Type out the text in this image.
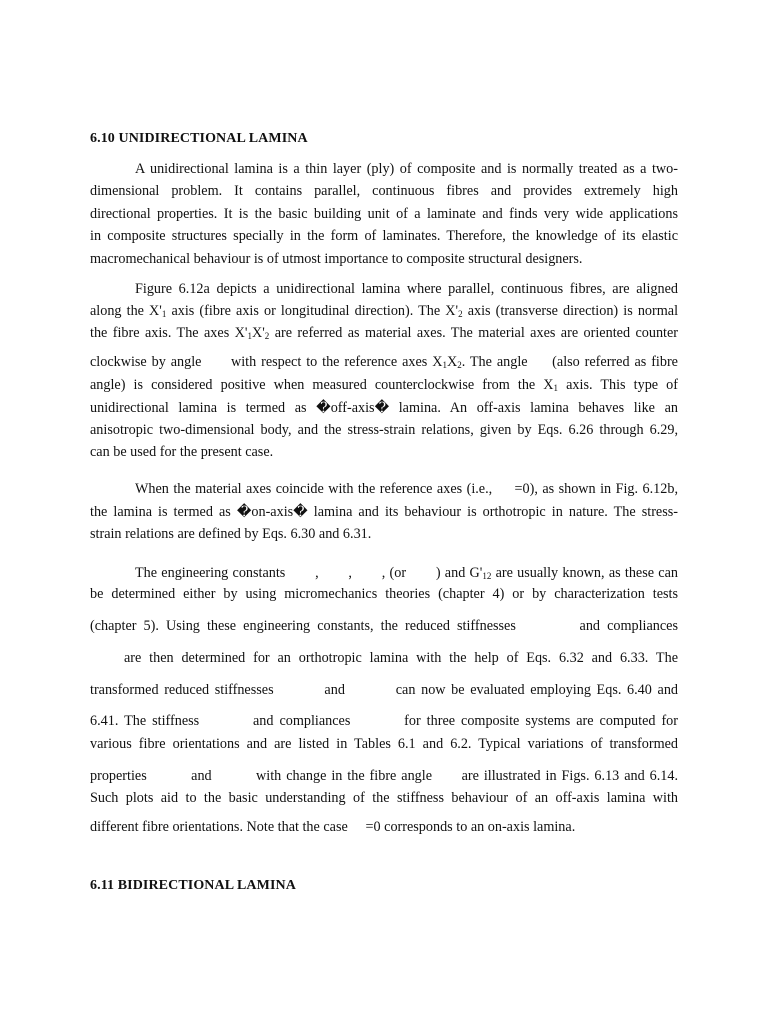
6.10 UNIDIRECTIONAL LAMINA
A unidirectional lamina is a thin layer (ply) of composite and is normally treated as a two-
dimensional problem. It contains parallel, continuous fibres and provides extremely high
directional properties. It is the basic building unit of a laminate and finds very wide applications
in composite structures specially in the form of laminates. Therefore, the knowledge of its elastic
macromechanical behaviour is of utmost importance to composite structural designers.
Figure 6.12a depicts a unidirectional lamina where parallel, continuous fibres, are aligned
along the $X'_1$ axis (fibre axis or longitudinal direction). The $X'_2$ axis (transverse direction) is normal
the fibre axis. The axes $X'_1X'_2$ are referred as material axes. The material axes are oriented counter
clockwise by angle      with respect to the reference axes $X_1X_2$. The angle     (also referred as fibre
angle) is considered positive when measured counterclockwise from the $X_1$ axis. This type of
unidirectional lamina is termed as �off-axis� lamina. An off-axis lamina behaves like an
anisotropic two-dimensional body, and the stress-strain relations, given by Eqs. 6.26 through 6.29,
can be used for the present case.
When the material axes coincide with the reference axes (i.e.,     =0), as shown in Fig. 6.12b,
the lamina is termed as �on-axis� lamina and its behaviour is orthotropic in nature. The stress-
strain relations are defined by Eqs. 6.30 and 6.31.
The engineering constants       ,       ,       , (or       ) and $G'_{12}$ are usually known, as these can
be determined either by using micromechanics theories (chapter 4) or by characterization tests
(chapter 5). Using these engineering constants, the reduced stiffnesses         and compliances
are then determined for an orthotropic lamina with the help of Eqs. 6.32 and 6.33. The
transformed reduced stiffnesses         and         can now be evaluated employing Eqs. 6.40 and
6.41. The stiffness         and compliances         for three composite systems are computed for
various fibre orientations and are listed in Tables 6.1 and 6.2. Typical variations of transformed
properties         and         with change in the fibre angle      are illustrated in Figs. 6.13 and 6.14.
Such plots aid to the basic understanding of the stiffness behaviour of an off-axis lamina with
different fibre orientations. Note that the case     =0 corresponds to an on-axis lamina.
6.11 BIDIRECTIONAL LAMINA
